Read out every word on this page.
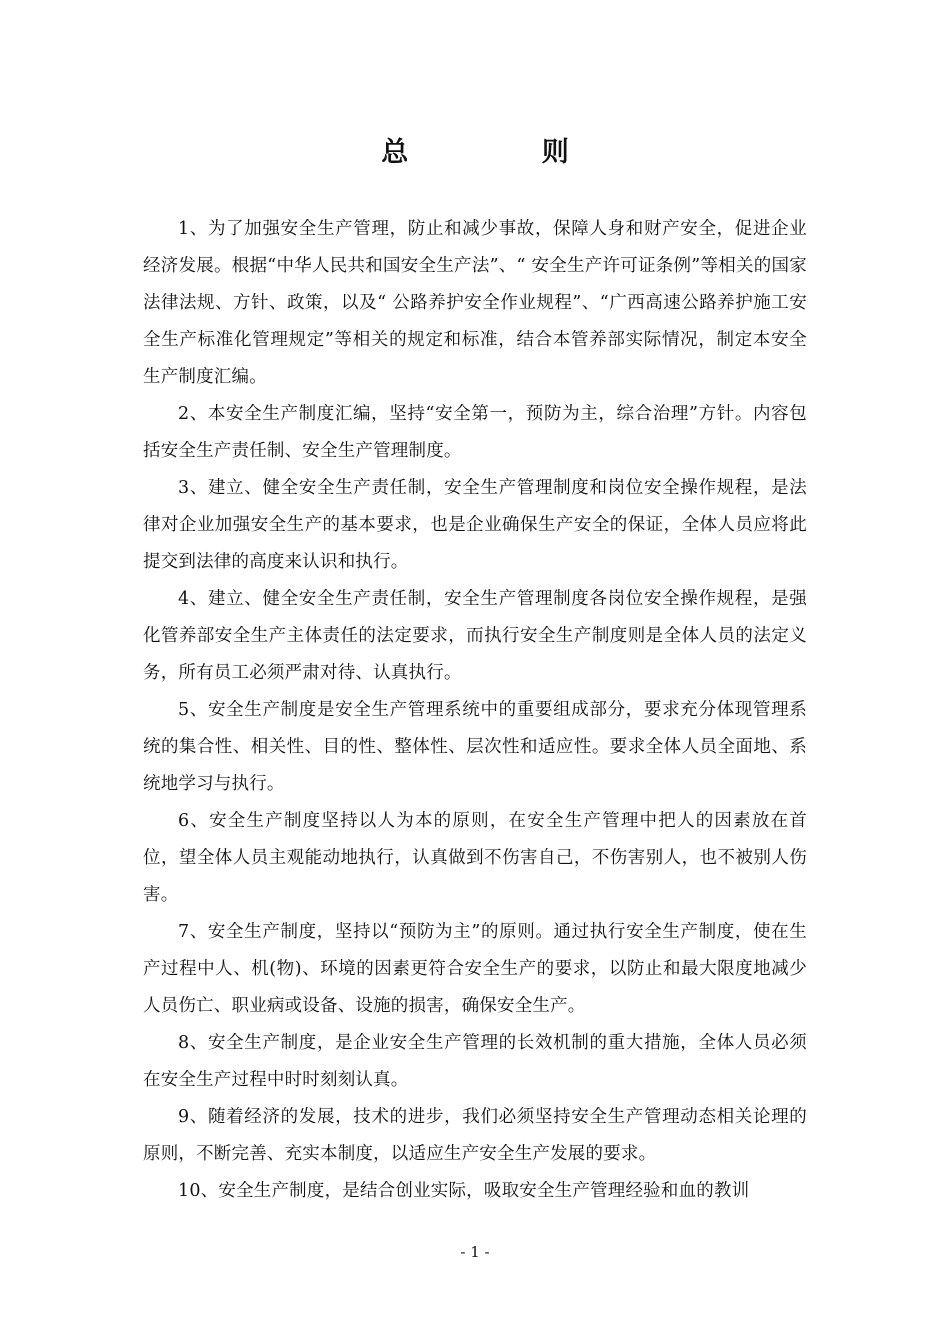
总 则

1、为了加强安全生产管理，防止和减少事故，保障人身和财产安全，促进企业经济发展。根据“中华人民共和国安全生产法”、“ 安全生产许可证条例”等相关的国家法律法规、方针、政策，以及“ 公路养护安全作业规程”、“广西高速公路养护施工安全生产标准化管理规定”等相关的规定和标准，结合本管养部实际情况，制定本安全生产制度汇编。

2、本安全生产制度汇编，坚持“安全第一，预防为主，综合治理”方针。内容包括安全生产责任制、安全生产管理制度。

3、建立、健全安全生产责任制，安全生产管理制度和岗位安全操作规程，是法律对企业加强安全生产的基本要求，也是企业确保生产安全的保证，全体人员应将此提交到法律的高度来认识和执行。

4、建立、健全安全生产责任制，安全生产管理制度各岗位安全操作规程，是强化管养部安全生产主体责任的法定要求，而执行安全生产制度则是全体人员的法定义务，所有员工必须严肃对待、认真执行。

5、安全生产制度是安全生产管理系统中的重要组成部分，要求充分体现管理系统的集合性、相关性、目的性、整体性、层次性和适应性。要求全体人员全面地、系统地学习与执行。

6、安全生产制度坚持以人为本的原则，在安全生产管理中把人的因素放在首位，望全体人员主观能动地执行，认真做到不伤害自己，不伤害别人，也不被别人伤害。

7、安全生产制度，坚持以“预防为主”的原则。通过执行安全生产制度，使在生产过程中人、机(物)、环境的因素更符合安全生产的要求，以防止和最大限度地减少人员伤亡、职业病或设备、设施的损害，确保安全生产。

8、安全生产制度，是企业安全生产管理的长效机制的重大措施，全体人员必须在安全生产过程中时时刻刻认真。

9、随着经济的发展，技术的进步，我们必须坚持安全生产管理动态相关论理的原则，不断完善、充实本制度，以适应生产安全生产发展的要求。

10、安全生产制度，是结合创业实际，吸取安全生产管理经验和血的教训

- 1 -
